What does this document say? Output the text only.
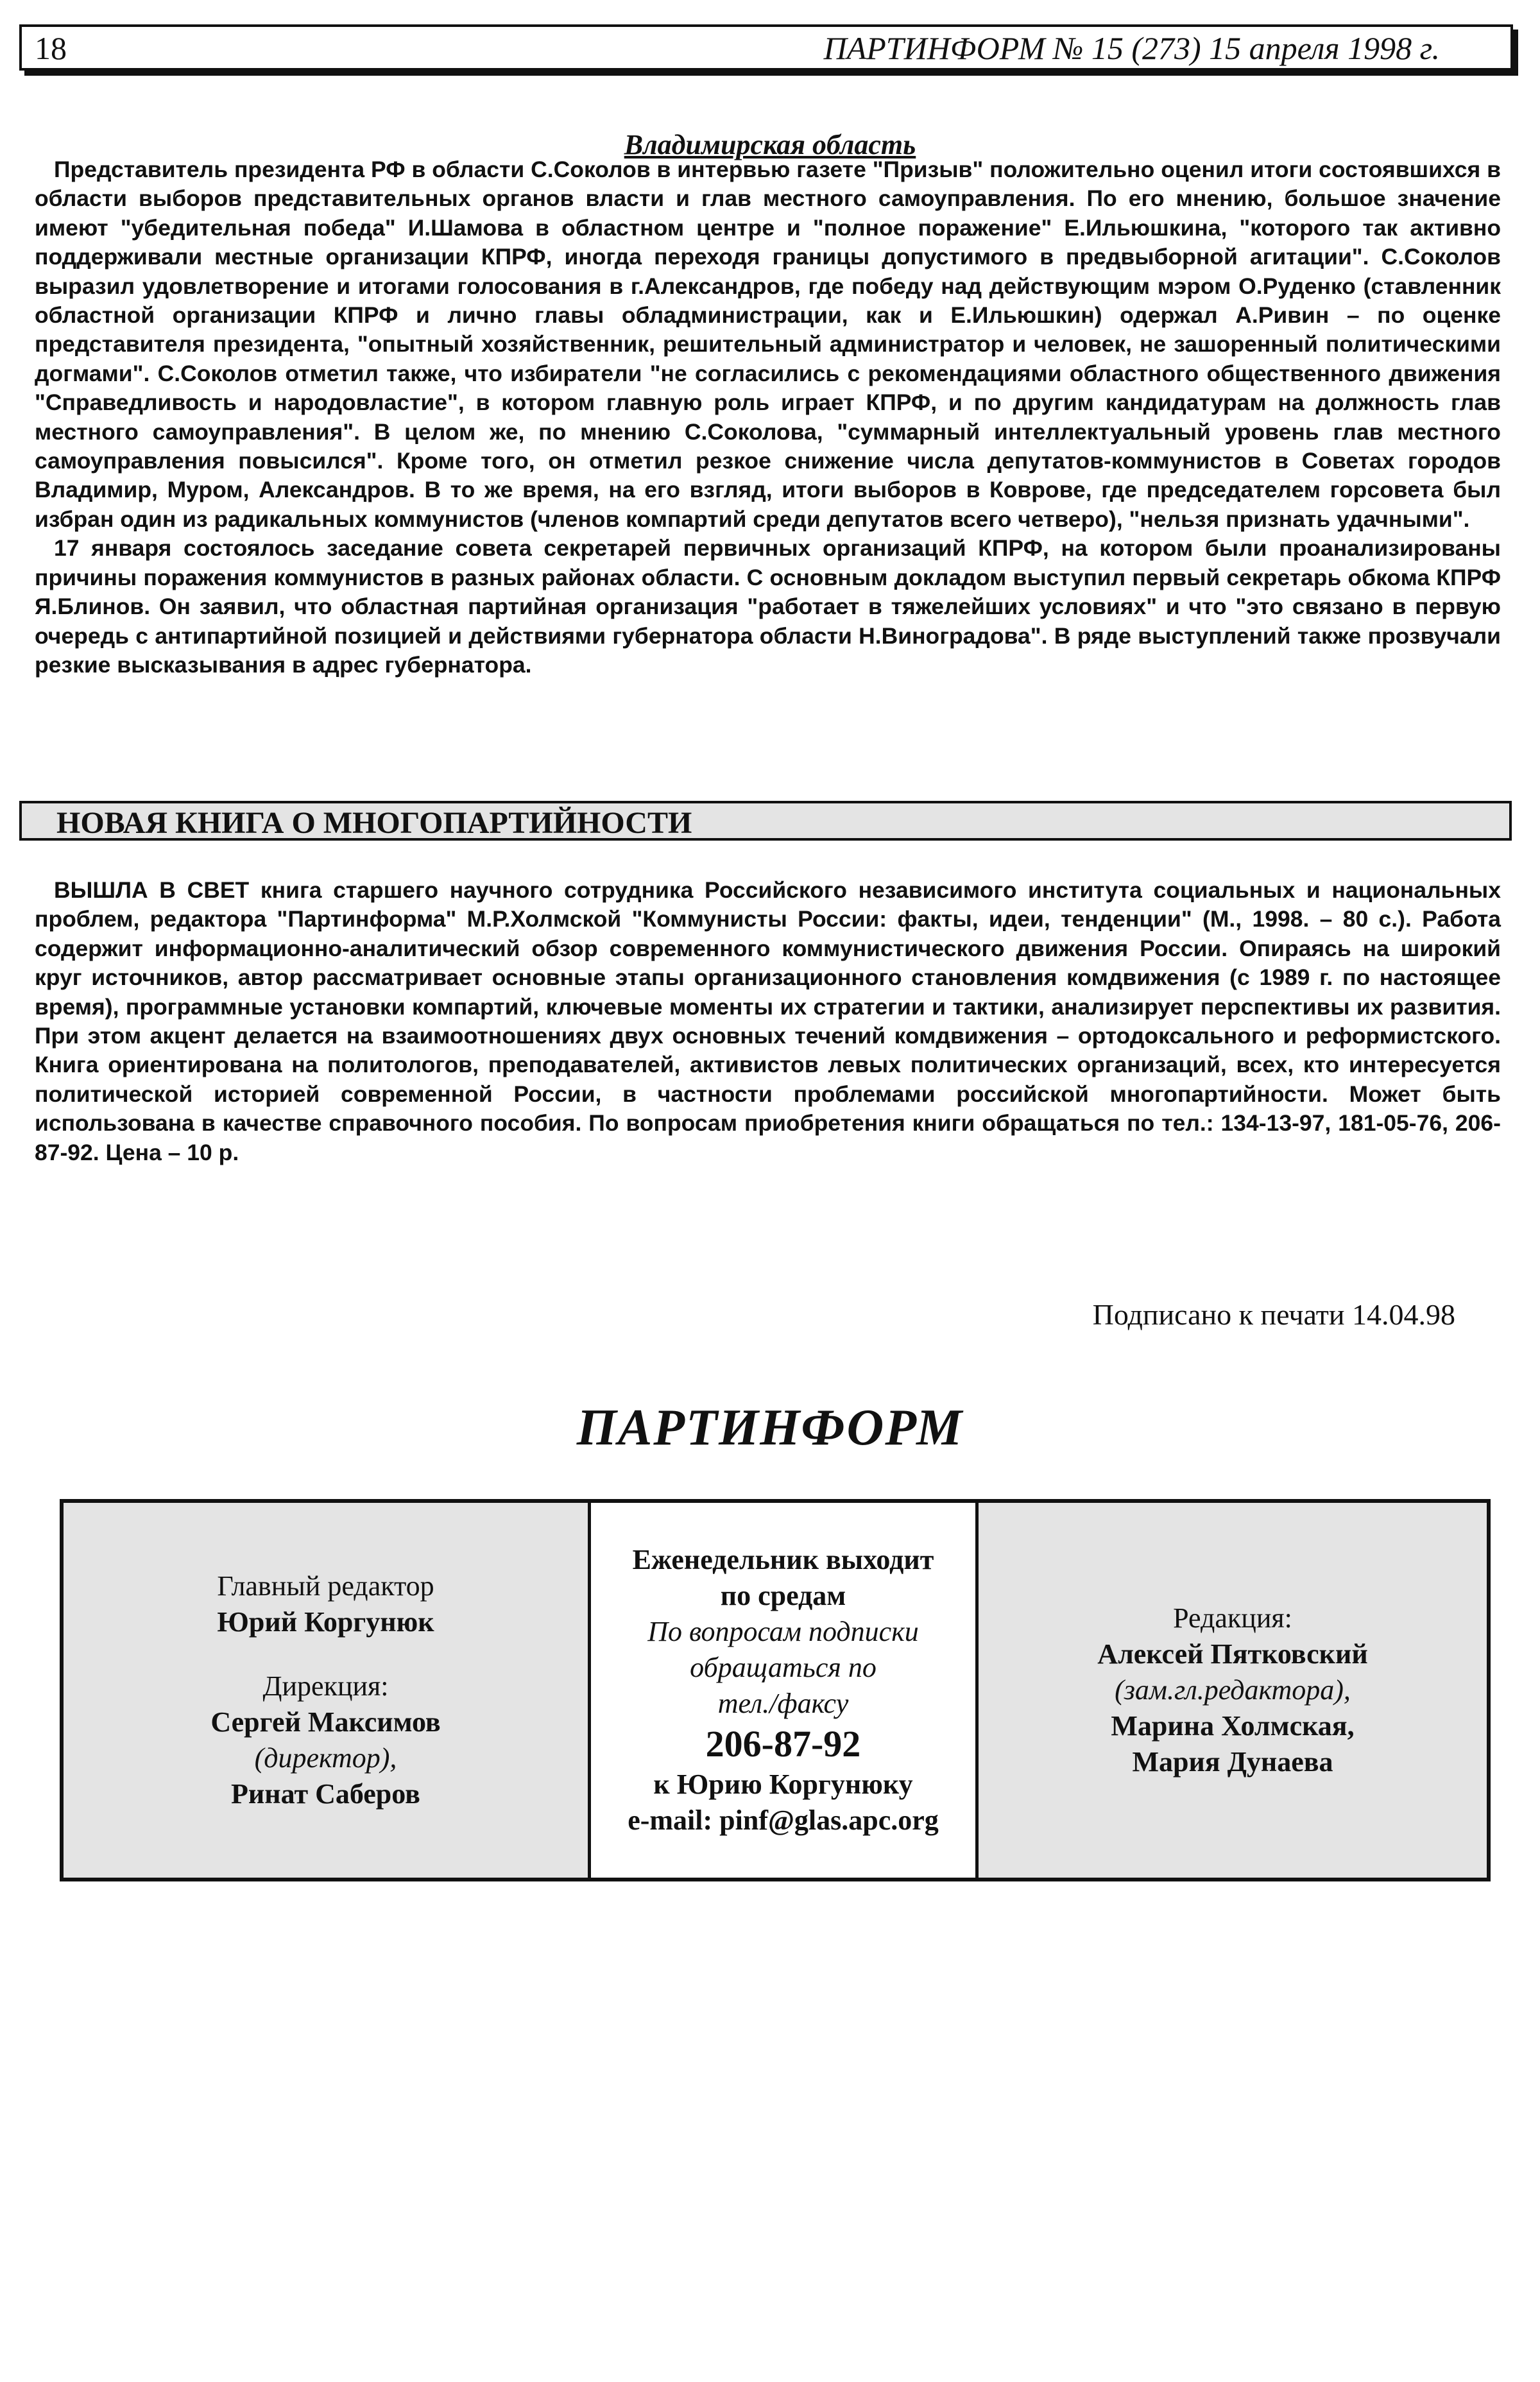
18	ПАРТИНФОРМ № 15 (273) 15 апреля 1998 г.
Владимирская область

Представитель президента РФ в области С.Соколов в интервью газете "Призыв" положительно оценил итоги состоявшихся в области выборов представительных органов власти и глав местного самоуправления. По его мнению, большое значение имеют "убедительная победа" И.Шамова в областном центре и "полное поражение" Е.Ильюшкина, "которого так активно поддерживали местные организации КПРФ, иногда переходя границы допустимого в предвыборной агитации". С.Соколов выразил удовлетворение и итогами голосования в г.Александров, где победу над действующим мэром О.Руденко (ставленник областной организации КПРФ и лично главы обладминистрации, как и Е.Ильюшкин) одержал А.Ривин – по оценке представителя президента, "опытный хозяйственник, решительный администратор и человек, не зашоренный политическими догмами". С.Соколов отметил также, что избиратели "не согласились с рекомендациями областного общественного движения "Справедливость и народовластие", в котором главную роль играет КПРФ, и по другим кандидатурам на должность глав местного самоуправления". В целом же, по мнению С.Соколова, "суммарный интеллектуальный уровень глав местного самоуправления повысился". Кроме того, он отметил резкое снижение числа депутатов-коммунистов в Советах городов Владимир, Муром, Александров. В то же время, на его взгляд, итоги выборов в Коврове, где председателем горсовета был избран один из радикальных коммунистов (членов компартий среди депутатов всего четверо), "нельзя признать удачными".

17 января состоялось заседание совета секретарей первичных организаций КПРФ, на котором были проанализированы причины поражения коммунистов в разных районах области. С основным докладом выступил первый секретарь обкома КПРФ Я.Блинов. Он заявил, что областная партийная организация "работает в тяжелейших условиях" и что "это связано в первую очередь с антипартийной позицией и действиями губернатора области Н.Виноградова". В ряде выступлений также прозвучали резкие высказывания в адрес губернатора.

НОВАЯ КНИГА О МНОГОПАРТИЙНОСТИ

ВЫШЛА В СВЕТ книга старшего научного сотрудника Российского независимого института социальных и национальных проблем, редактора "Партинформа" М.Р.Холмской "Коммунисты России: факты, идеи, тенденции" (М., 1998. – 80 с.). Работа содержит информационно-аналитический обзор современного коммунистического движения России. Опираясь на широкий круг источников, автор рассматривает основные этапы организационного становления комдвижения (с 1989 г. по настоящее время), программные установки компартий, ключевые моменты их стратегии и тактики, анализирует перспективы их развития. При этом акцент делается на взаимоотношениях двух основных течений комдвижения – ортодоксального и реформистского. Книга ориентирована на политологов, преподавателей, активистов левых политических организаций, всех, кто интересуется политической историей современной России, в частности проблемами российской многопартийности. Может быть использована в качестве справочного пособия. По вопросам приобретения книги обращаться по тел.: 134-13-97, 181-05-76, 206-87-92. Цена – 10 р.

Подписано к печати 14.04.98
ПАРТИНФОРМ
Главный редактор
Юрий Коргунюк
Дирекция:
Сергей Максимов
(директор),
Ринат Саберов
Еженедельник выходит
по средам
По вопросам подписки
обращаться по
тел./факсу
206-87-92
к Юрию Коргунюку
e-mail: pinf@glas.apc.org
Редакция:
Алексей Пятковский
(зам.гл.редактора),
Марина Холмская,
Мария Дунаева
